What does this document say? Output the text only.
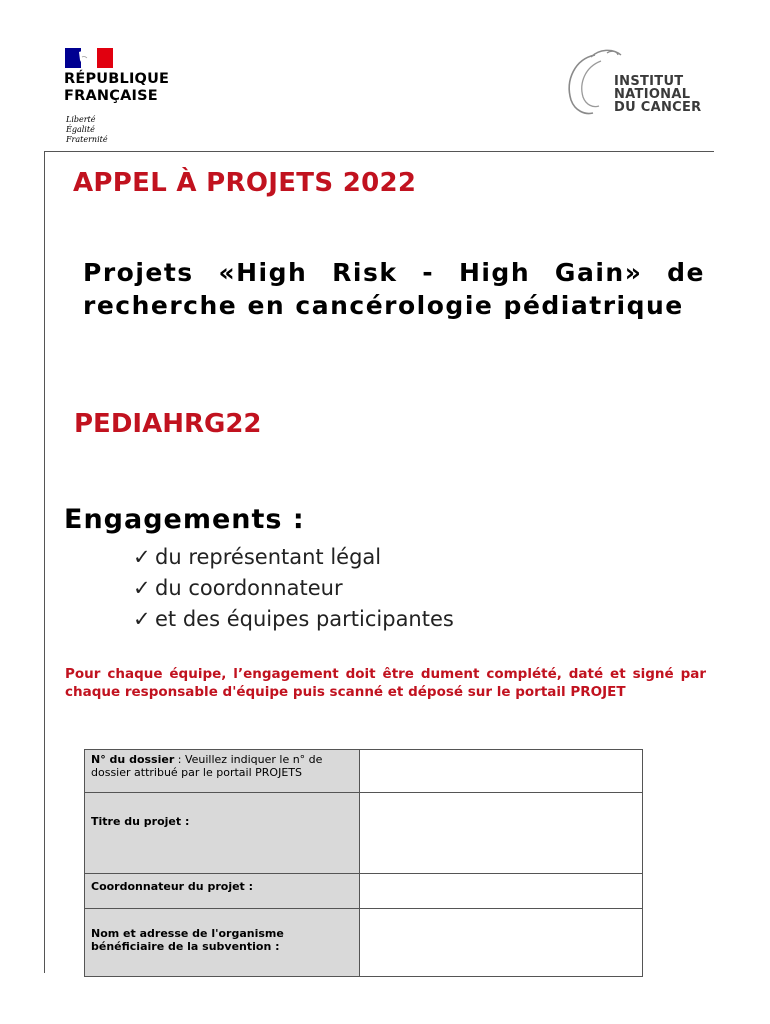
RÉPUBLIQUE
FRANÇAISE
Liberté
Égalité
Fraternité
INSTITUT
NATIONAL
DU CANCER
APPEL À PROJETS 2022
Projets «High Risk - High Gain» de recherche en cancérologie pédiatrique
PEDIAHRG22
Engagements :
✓ du représentant légal
✓ du coordonnateur
✓ et des équipes participantes

Pour chaque équipe, l’engagement doit être dument complété, daté et signé par chaque responsable d'équipe puis scanné et déposé sur le portail PROJET

N° du dossier : Veuillez indiquer le n° de dossier attribué par le portail PROJETS	
Titre du projet :	
Coordonnateur du projet :	
Nom et adresse de l'organisme bénéficiaire de la subvention :	
